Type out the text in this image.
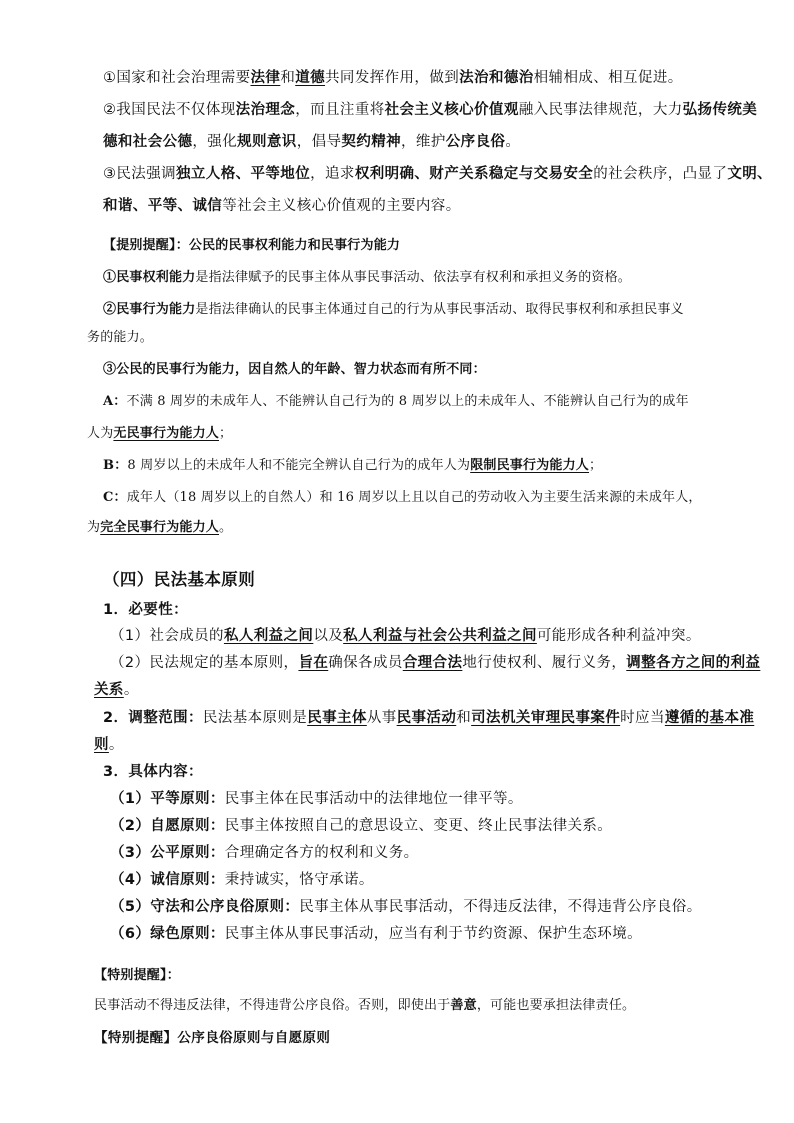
①国家和社会治理需要法律和道德共同发挥作用，做到法治和德治相辅相成、相互促进。
②我国民法不仅体现法治理念，而且注重将社会主义核心价值观融入民事法律规范，大力弘扬传统美
德和社会公德，强化规则意识，倡导契约精神，维护公序良俗。
③民法强调独立人格、平等地位，追求权利明确、财产关系稳定与交易安全的社会秩序，凸显了文明、
和谐、平等、诚信等社会主义核心价值观的主要内容。
【提别提醒】：公民的民事权利能力和民事行为能力
①民事权利能力是指法律赋予的民事主体从事民事活动、依法享有权利和承担义务的资格。
②民事行为能力是指法律确认的民事主体通过自己的行为从事民事活动、取得民事权利和承担民事义
务的能力。
③公民的民事行为能力，因自然人的年龄、智力状态而有所不同：
A：不满 8 周岁的未成年人、不能辨认自己行为的 8 周岁以上的未成年人、不能辨认自己行为的成年
人为无民事行为能力人；
B：8 周岁以上的未成年人和不能完全辨认自己行为的成年人为限制民事行为能力人；
C：成年人（18 周岁以上的自然人）和 16 周岁以上且以自己的劳动收入为主要生活来源的未成年人，
为完全民事行为能力人。
（四）民法基本原则
1．必要性：
（1）社会成员的私人利益之间以及私人利益与社会公共利益之间可能形成各种利益冲突。
（2）民法规定的基本原则，旨在确保各成员合理合法地行使权利、履行义务，调整各方之间的利益
关系。
2．调整范围：民法基本原则是民事主体从事民事活动和司法机关审理民事案件时应当遵循的基本准
则。
3．具体内容：
（1）平等原则：民事主体在民事活动中的法律地位一律平等。
（2）自愿原则：民事主体按照自己的意思设立、变更、终止民事法律关系。
（3）公平原则：合理确定各方的权利和义务。
（4）诚信原则：秉持诚实，恪守承诺。
（5）守法和公序良俗原则：民事主体从事民事活动，不得违反法律，不得违背公序良俗。
（6）绿色原则：民事主体从事民事活动，应当有利于节约资源、保护生态环境。
【特别提醒】：
民事活动不得违反法律，不得违背公序良俗。否则，即使出于善意，可能也要承担法律责任。
【特别提醒】公序良俗原则与自愿原则
